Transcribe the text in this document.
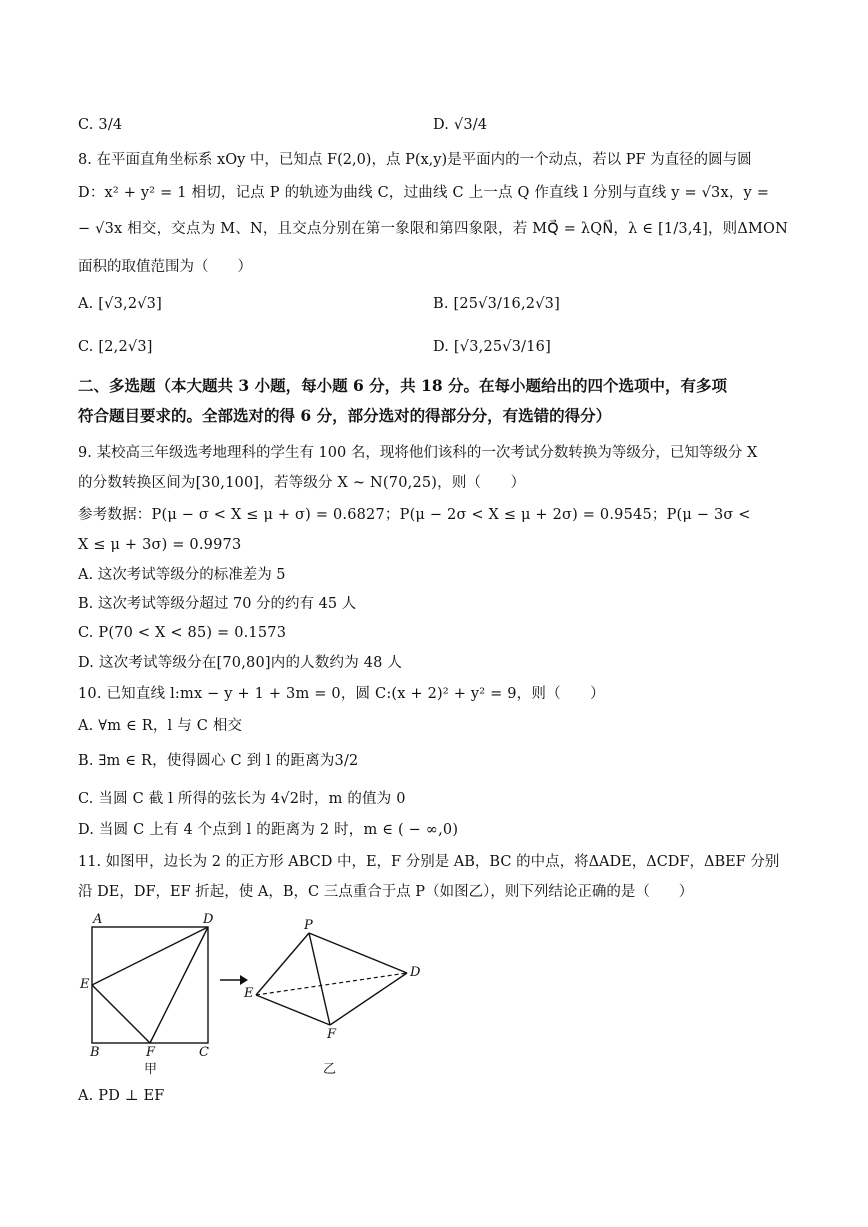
C. 3/4	D. √3/4
8. 在平面直角坐标系 xOy 中，已知点 F(2,0)，点 P(x,y)是平面内的一个动点，若以 PF 为直径的圆与圆
D：x² + y² = 1 相切，记点 P 的轨迹为曲线 C，过曲线 C 上一点 Q 作直线 l 分别与直线 y = √3x，y =
− √3x 相交，交点为 M、N，且交点分别在第一象限和第四象限，若 MQ⃗ = λQN⃗，λ ∈ [1/3,4]，则ΔMON
面积的取值范围为（　　）
A. [√3,2√3]	B. [25√3/16,2√3]
C. [2,2√3]	D. [√3,25√3/16]
二、多选题（本大题共 3 小题，每小题 6 分，共 18 分。在每小题给出的四个选项中，有多项
符合题目要求的。全部选对的得 6 分，部分选对的得部分分，有选错的得分）
9. 某校高三年级选考地理科的学生有 100 名，现将他们该科的一次考试分数转换为等级分，已知等级分 X
的分数转换区间为[30,100]，若等级分 X ~ N(70,25)，则（　　）
参考数据：P(μ − σ < X ≤ μ + σ) = 0.6827；P(μ − 2σ < X ≤ μ + 2σ) = 0.9545；P(μ − 3σ <
X ≤ μ + 3σ) = 0.9973
A. 这次考试等级分的标准差为 5
B. 这次考试等级分超过 70 分的约有 45 人
C. P(70 < X < 85) = 0.1573
D. 这次考试等级分在[70,80]内的人数约为 48 人
10. 已知直线 l:mx − y + 1 + 3m = 0，圆 C:(x + 2)² + y² = 9，则（　　）
A. ∀m ∈ R，l 与 C 相交
B. ∃m ∈ R，使得圆心 C 到 l 的距离为3/2
C. 当圆 C 截 l 所得的弦长为 4√2时，m 的值为 0
D. 当圆 C 上有 4 个点到 l 的距离为 2 时，m ∈ ( − ∞,0)
11. 如图甲，边长为 2 的正方形 ABCD 中，E，F 分别是 AB，BC 的中点，将ΔADE，ΔCDF，ΔBEF 分别
沿 DE，DF，EF 折起，使 A，B，C 三点重合于点 P（如图乙），则下列结论正确的是（　　）
A	D
E
B	F	C
甲
P
E
D
F
乙
A. PD ⊥ EF
